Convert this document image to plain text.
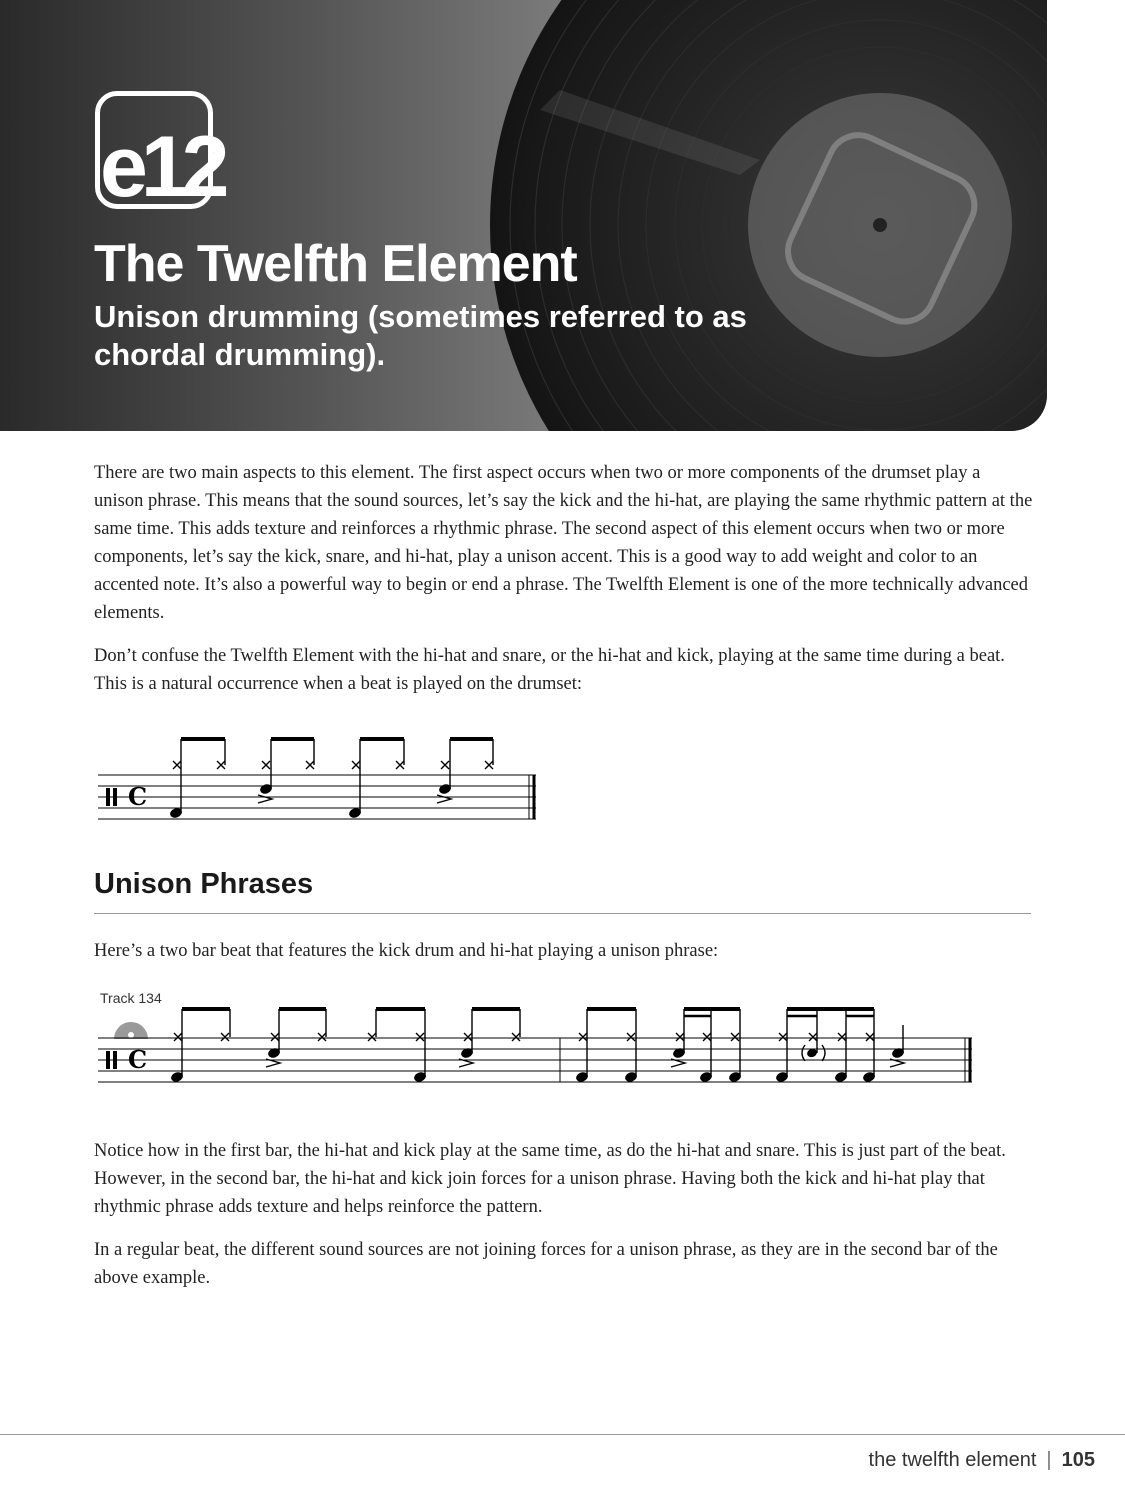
e12
The Twelfth Element

Unison drumming (sometimes referred to as chordal drumming).

There are two main aspects to this element. The first aspect occurs when two or more components of the drumset play a unison phrase. This means that the sound sources, let’s say the kick and the hi-hat, are playing the same rhythmic pattern at the same time. This adds texture and reinforces a rhythmic phrase. The second aspect of this element occurs when two or more components, let’s say the kick, snare, and hi-hat, play a unison accent. This is a good way to add weight and color to an accented note. It’s also a powerful way to begin or end a phrase. The Twelfth Element is one of the more technically advanced elements.

Don’t confuse the Twelfth Element with the hi-hat and snare, or the hi-hat and kick, playing at the same time during a beat. This is a natural occurrence when a beat is played on the drumset:

C
Unison Phrases

Here’s a two bar beat that features the kick drum and hi-hat playing a unison phrase:

Track 134

C

Notice how in the first bar, the hi-hat and kick play at the same time, as do the hi-hat and snare. This is just part of the beat. However, in the second bar, the hi-hat and kick join forces for a unison phrase. Having both the kick and hi-hat play that rhythmic phrase adds texture and helps reinforce the pattern.

In a regular beat, the different sound sources are not joining forces for a unison phrase, as they are in the second bar of the above example.

the twelfth element | 105
